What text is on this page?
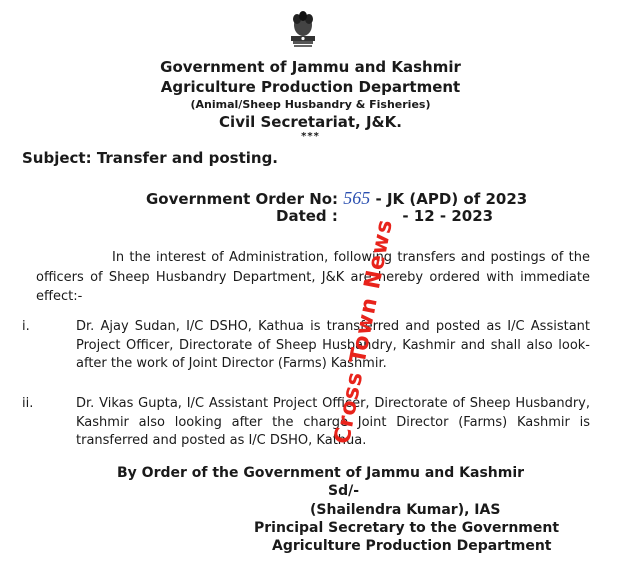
Government of Jammu and Kashmir
Agriculture Production Department
(Animal/Sheep Husbandry & Fisheries)
Civil Secretariat, J&K.
***
Subject: Transfer and posting.
Government Order No: 565 - JK (APD) of 2023
Dated :	- 12 - 2023
In the interest of Administration, following transfers and postings of the officers of Sheep Husbandry Department, J&K are hereby ordered with immediate effect:-
i.	Dr. Ajay Sudan, I/C DSHO, Kathua is transferred and posted as I/C Assistant Project Officer, Directorate of Sheep Husbandry, Kashmir and shall also look-after the work of Joint Director (Farms) Kashmir.
ii.	Dr. Vikas Gupta, I/C Assistant Project Officer, Directorate of Sheep Husbandry, Kashmir also looking after the charge Joint Director (Farms) Kashmir is transferred and posted as I/C DSHO, Kathua.
By Order of the Government of Jammu and Kashmir
Sd/-
(Shailendra Kumar), IAS
Principal Secretary to the Government
Agriculture Production Department
Cross Town News
